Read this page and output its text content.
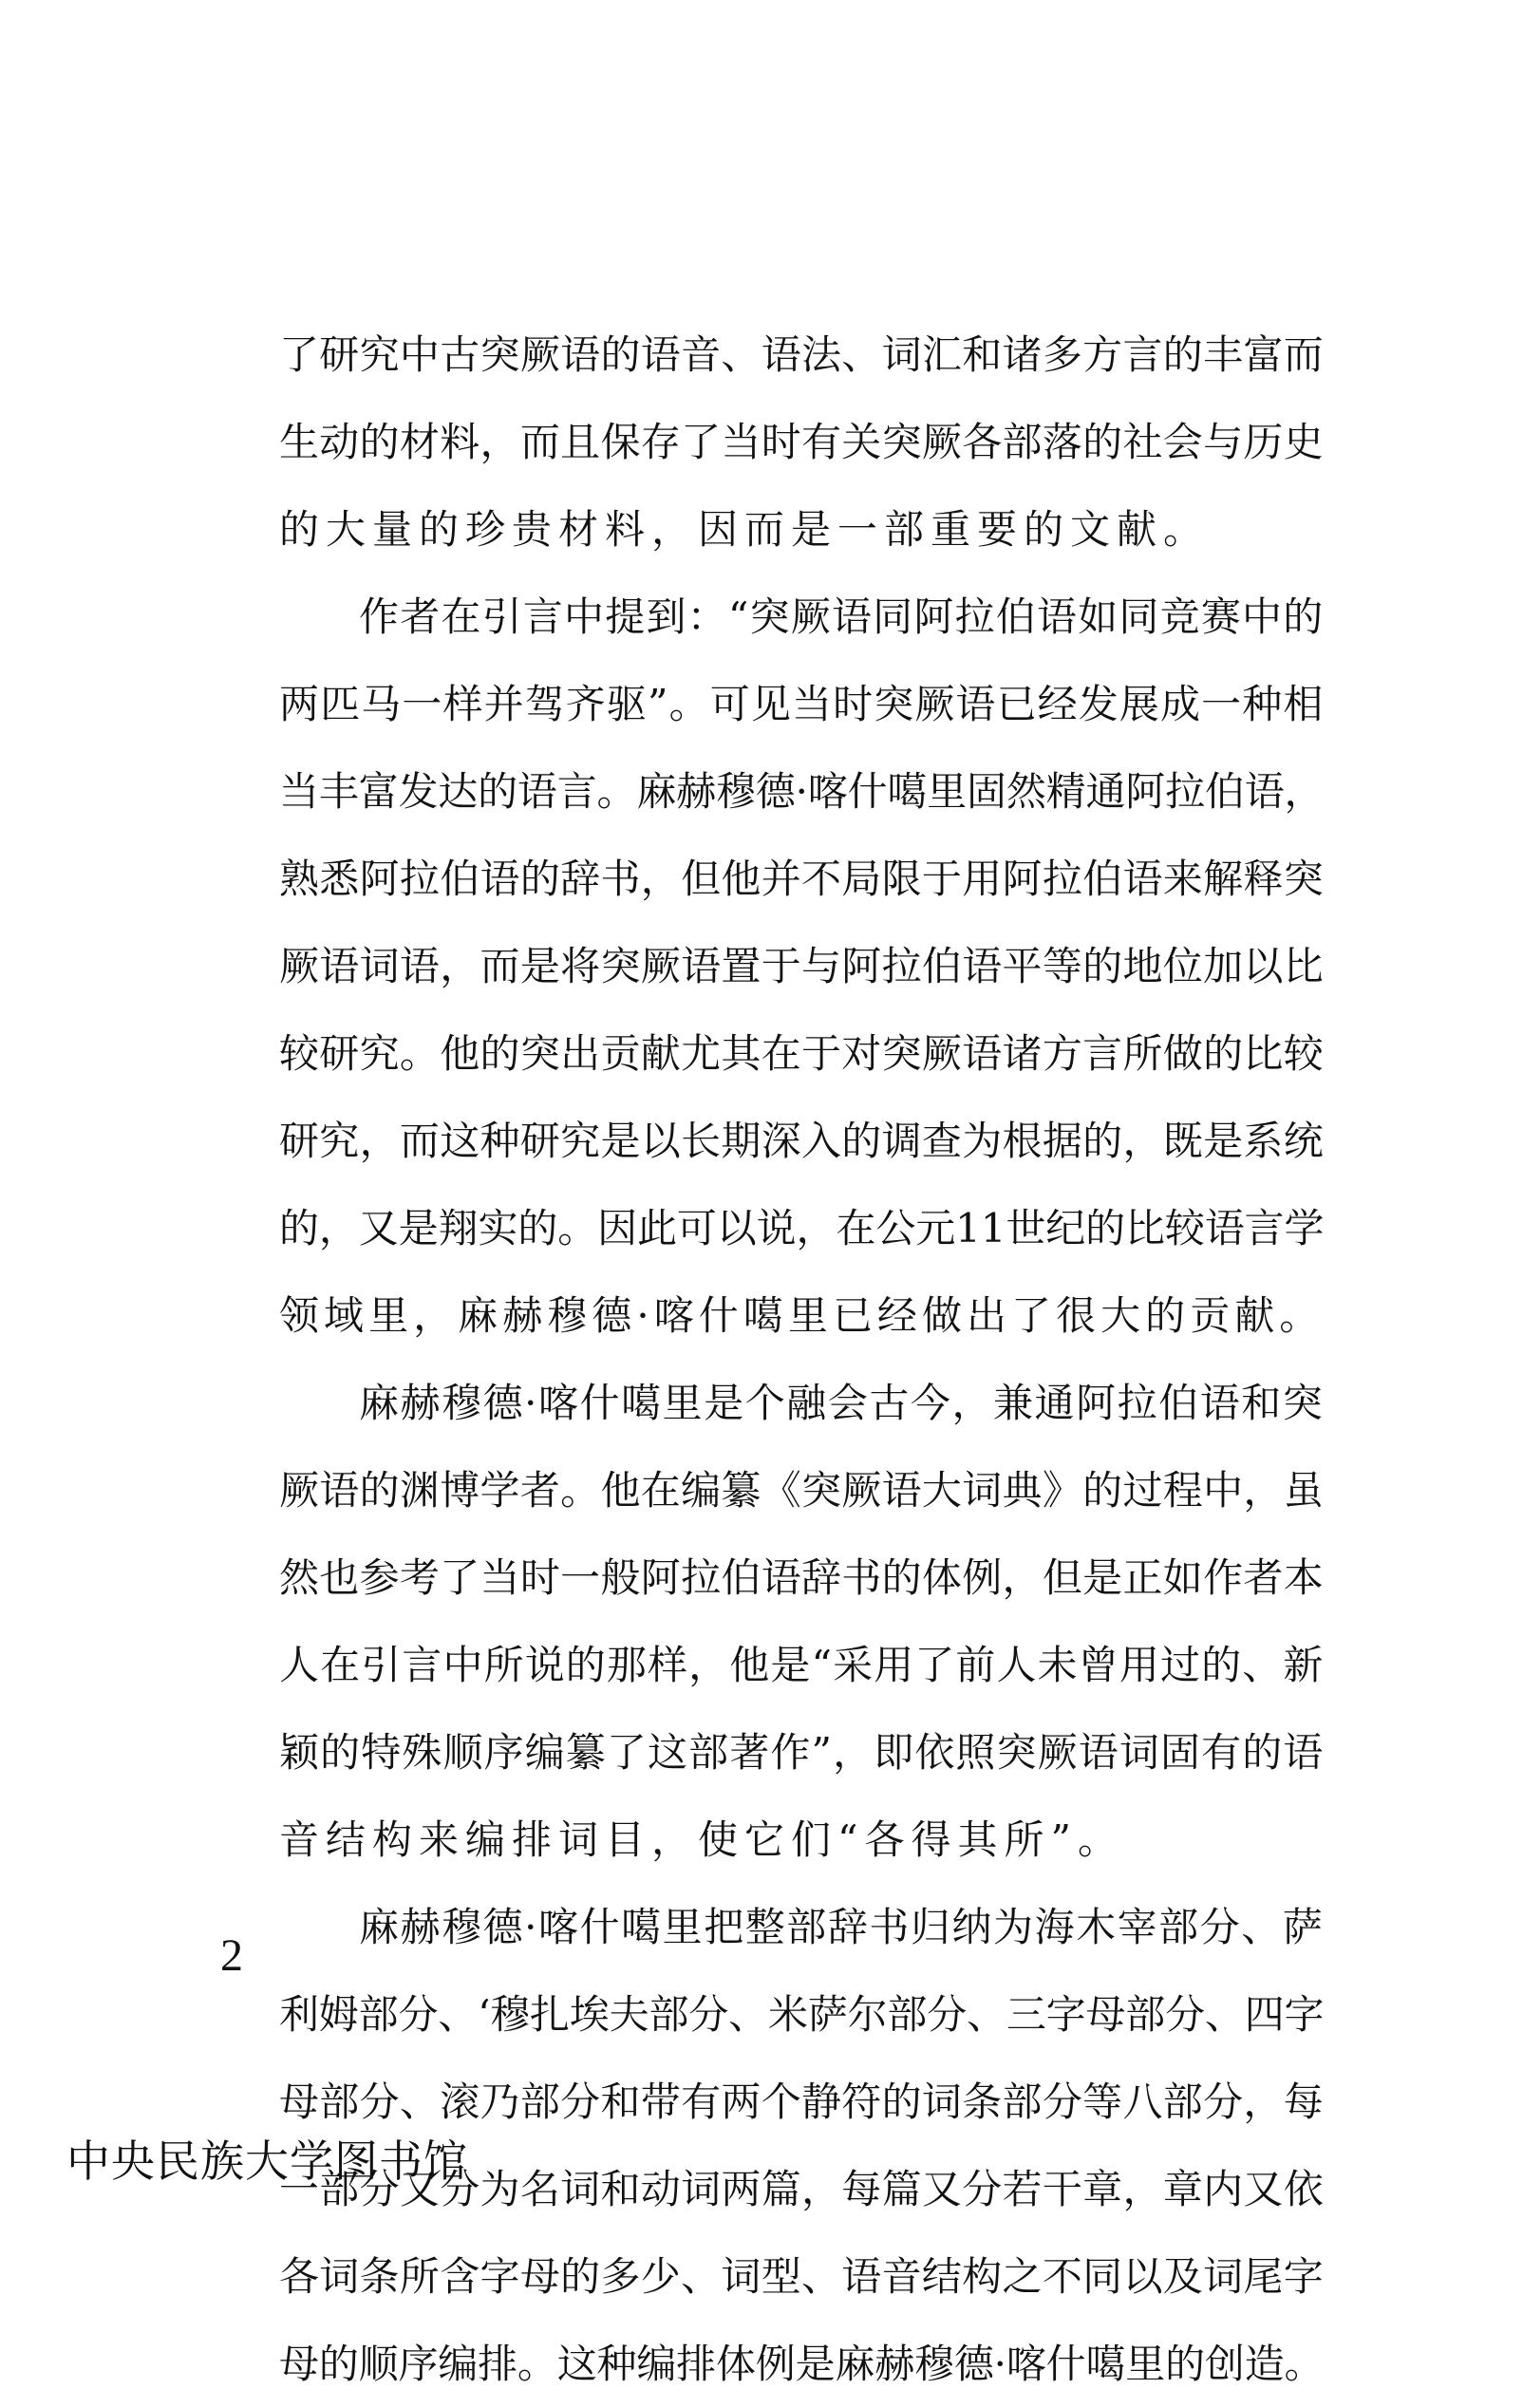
了研究中古突厥语的语音、语法、词汇和诸多方言的丰富而
生动的材料，而且保存了当时有关突厥各部落的社会与历史
的大量的珍贵材料，因而是一部重要的文献。
作者在引言中提到：“突厥语同阿拉伯语如同竞赛中的
两匹马一样并驾齐驱”。可见当时突厥语已经发展成一种相
当丰富发达的语言。麻赫穆德·喀什噶里固然精通阿拉伯语，
熟悉阿拉伯语的辞书，但他并不局限于用阿拉伯语来解释突
厥语词语，而是将突厥语置于与阿拉伯语平等的地位加以比
较研究。他的突出贡献尤其在于对突厥语诸方言所做的比较
研究，而这种研究是以长期深入的调查为根据的，既是系统
的，又是翔实的。因此可以说，在公元11世纪的比较语言学
领域里，麻赫穆德·喀什噶里已经做出了很大的贡献。
麻赫穆德·喀什噶里是个融会古今，兼通阿拉伯语和突
厥语的渊博学者。他在编纂《突厥语大词典》的过程中，虽
然也参考了当时一般阿拉伯语辞书的体例，但是正如作者本
人在引言中所说的那样，他是“采用了前人未曾用过的、新
颖的特殊顺序编纂了这部著作”，即依照突厥语词固有的语
音结构来编排词目，使它们“各得其所”。
麻赫穆德·喀什噶里把整部辞书归纳为海木宰部分、萨
利姆部分、‘穆扎埃夫部分、米萨尔部分、三字母部分、四字
母部分、滚乃部分和带有两个静符的词条部分等八部分，每
一部分又分为名词和动词两篇，每篇又分若干章，章内又依
各词条所含字母的多少、词型、语音结构之不同以及词尾字
母的顺序编排。这种编排体例是麻赫穆德·喀什噶里的创造。
2
中央民族大学图书馆
